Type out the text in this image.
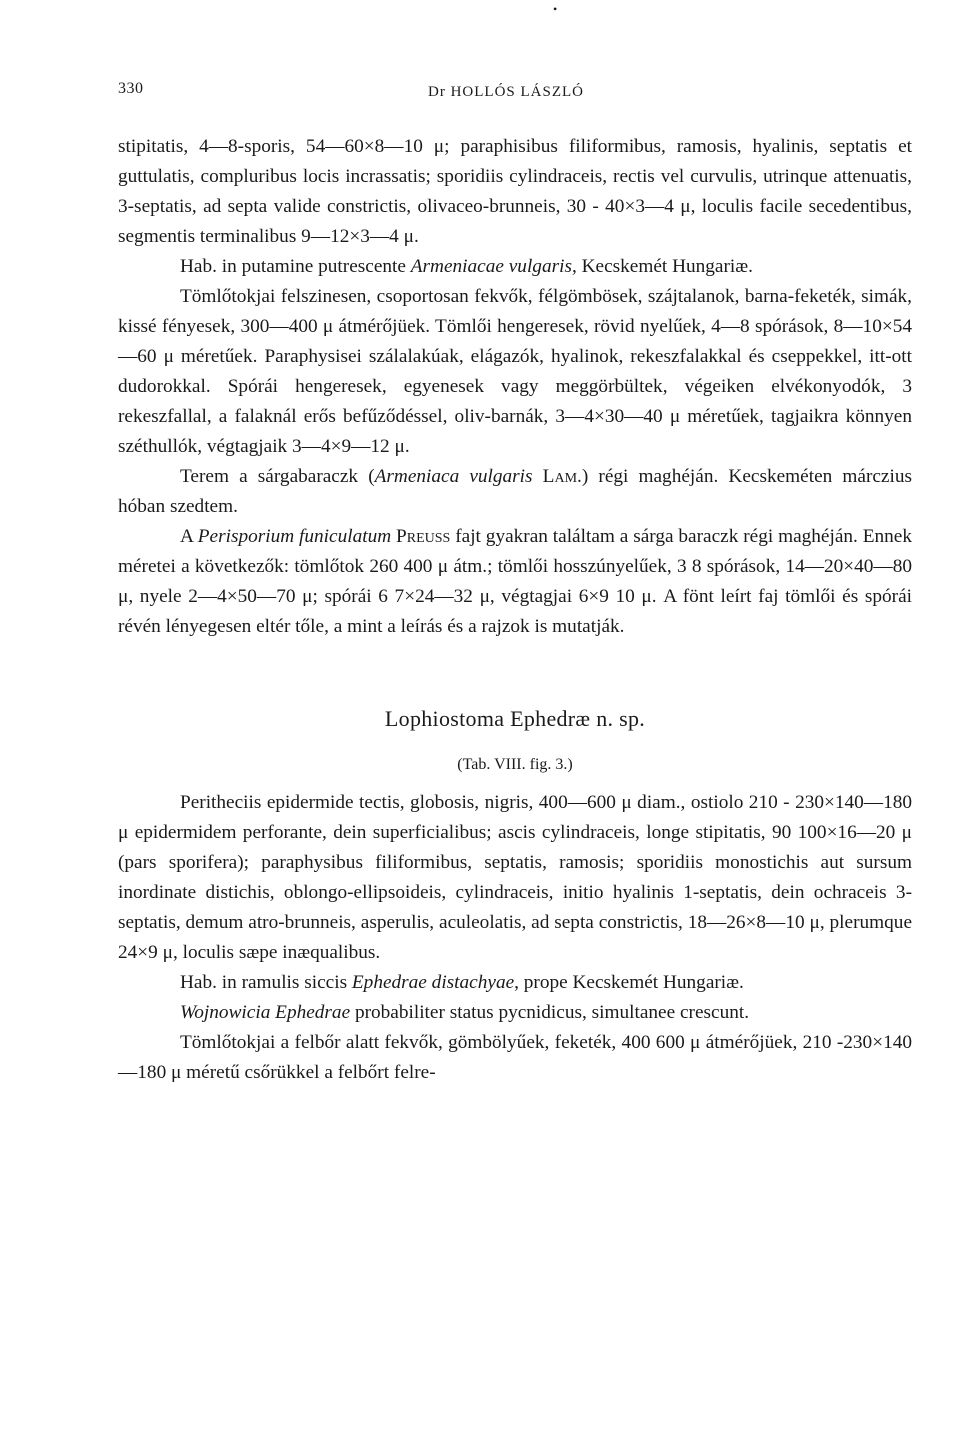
330	Dr HOLLÓS LÁSZLÓ
•

stipitatis, 4—8-sporis, 54—60×8—10 μ; paraphisibus filiformibus, ramosis, hyalinis, septatis et guttulatis, compluribus locis incrassatis; sporidiis cylindraceis, rectis vel curvulis, utrinque attenuatis, 3-septatis, ad septa valide constrictis, olivaceo-brunneis, 30 - 40×3—4 μ, loculis facile secedentibus, segmentis terminalibus 9—12×3—4 μ.

Hab. in putamine putrescente Armeniacae vulgaris, Kecskemét Hungariæ.

Tömlőtokjai felszinesen, csoportosan fekvők, félgömbösek, szájtalanok, barna-feketék, simák, kissé fényesek, 300—400 μ átmérőjüek. Tömlői hengeresek, rövid nyelűek, 4—8 spórások, 8—10×54—60 μ méretűek. Paraphysisei szálalakúak, elágazók, hyalinok, rekeszfalakkal és cseppekkel, itt-ott dudorokkal. Spórái hengeresek, egyenesek vagy meggörbültek, végeiken elvékonyodók, 3 rekeszfallal, a falaknál erős befűződéssel, oliv-barnák, 3—4×30—40 μ méretűek, tagjaikra könnyen széthullók, végtagjaik 3—4×9—12 μ.

Terem a sárgabaraczk (Armeniaca vulgaris Lam.) régi maghéján. Kecskeméten márczius hóban szedtem.

A Perisporium funiculatum Preuss fajt gyakran találtam a sárga baraczk régi maghéján. Ennek méretei a következők: tömlőtok 260 400 μ átm.; tömlői hosszúnyelűek, 3 8 spórások, 14—20×40—80 μ, nyele 2—4×50—70 μ; spórái 6 7×24—32 μ, végtagjai 6×9 10 μ. A fönt leírt faj tömlői és spórái révén lényegesen eltér tőle, a mint a leírás és a rajzok is mutatják.

Lophiostoma Ephedræ n. sp.
(Tab. VIII. fig. 3.)

Peritheciis epidermide tectis, globosis, nigris, 400—600 μ diam., ostiolo 210 - 230×140—180 μ epidermidem perforante, dein superficialibus; ascis cylindraceis, longe stipitatis, 90 100×16—20 μ (pars sporifera); paraphysibus filiformibus, septatis, ramosis; sporidiis monostichis aut sursum inordinate distichis, oblongo-ellipsoideis, cylindraceis, initio hyalinis 1-septatis, dein ochraceis 3-septatis, demum atro-brunneis, asperulis, aculeolatis, ad septa constrictis, 18—26×8—10 μ, plerumque 24×9 μ, loculis sæpe inæqualibus.

Hab. in ramulis siccis Ephedrae distachyae, prope Kecskemét Hungariæ.

Wojnowicia Ephedrae probabiliter status pycnidicus, simultanee crescunt.

Tömlőtokjai a felbőr alatt fekvők, gömbölyűek, feketék, 400 600 μ átmérőjüek, 210 -230×140—180 μ méretű csőrükkel a felbőrt felre-
